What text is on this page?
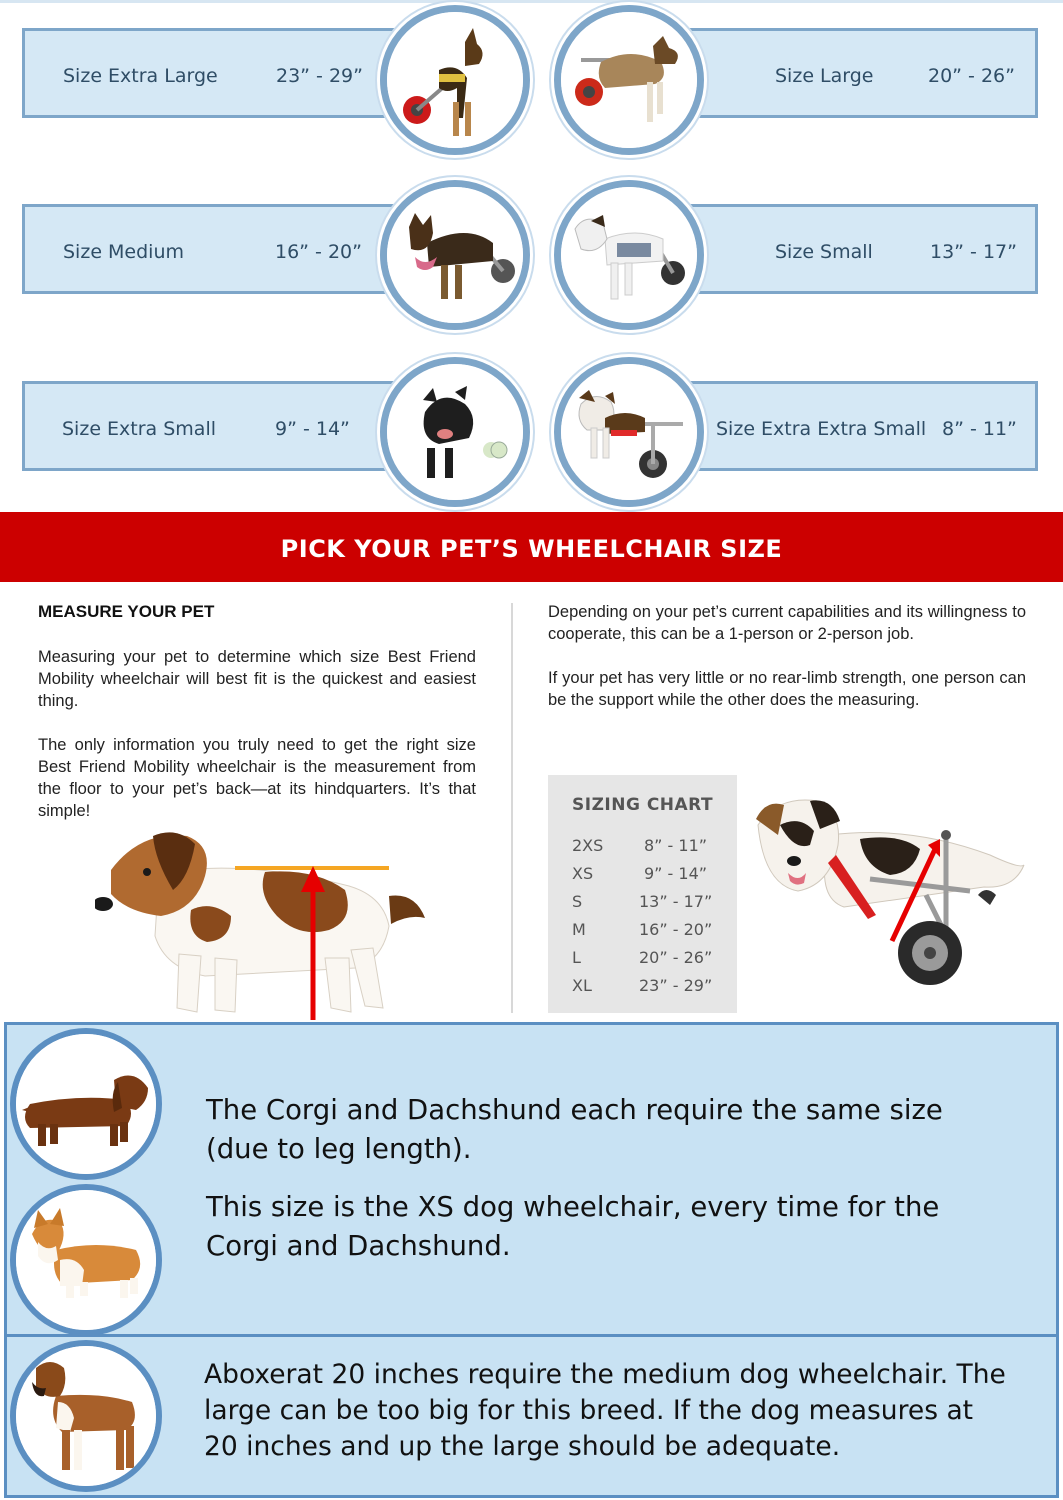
Size Extra Large	23” - 29”	Size Large	20” - 26”
Size Medium	16” - 20”	Size Small	13” - 17”
Size Extra Small	9” - 14”	Size Extra Extra Small 8” - 11”
PICK YOUR PET’S WHEELCHAIR SIZE
MEASURE YOUR PET

Measuring your pet to determine which size Best Friend Mobility wheelchair will best fit is the quickest and easiest thing.

The only information you truly need to get the right size Best Friend Mobility wheelchair is the measurement from the floor to your pet’s back—at its hindquarters. It’s that simple!

Depending on your pet’s current capabilities and its willingness to cooperate, this can be a 1-person or 2-person job.

If your pet has very little or no rear-limb strength, one person can be the support while the other does the measuring.

SIZING CHART
2XS	8” - 11”
XS	9” - 14”
S	13” - 17”
M	16” - 20”
L	20” - 26”
XL	23” - 29”
The Corgi and Dachshund each require the same size
(due to leg length).
This size is the XS dog wheelchair, every time for the
Corgi and Dachshund.
Aboxerat 20 inches require the medium dog wheelchair. The
large can be too big for this breed. If the dog measures at
20 inches and up the large should be adequate.
